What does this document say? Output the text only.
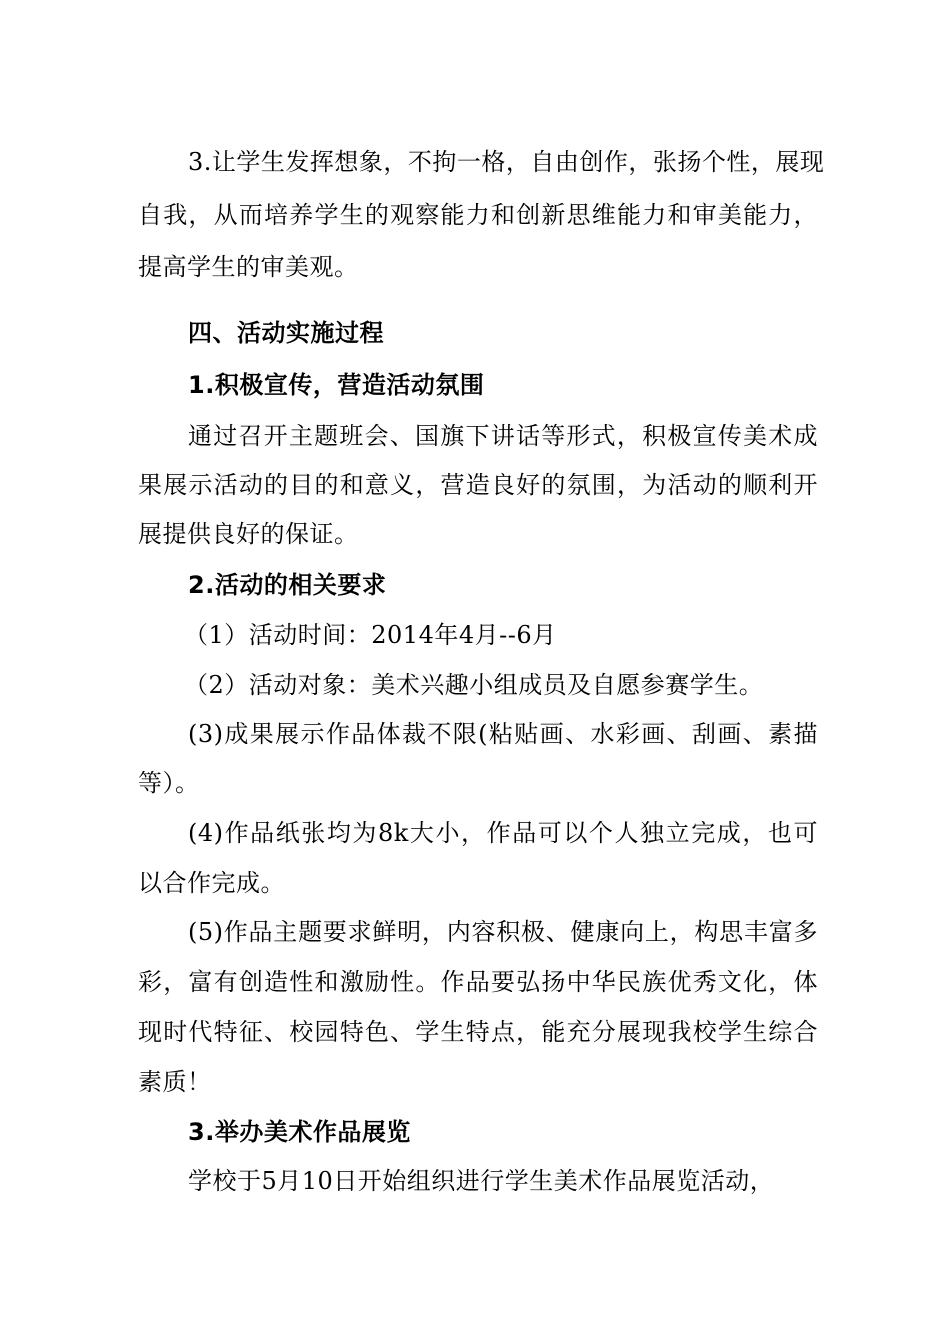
3.让学生发挥想象，不拘一格，自由创作，张扬个性，展现
自我，从而培养学生的观察能力和创新思维能力和审美能力，
提高学生的审美观。
四、活动实施过程
1.积极宣传，营造活动氛围
通过召开主题班会、国旗下讲话等形式，积极宣传美术成
果展示活动的目的和意义，营造良好的氛围，为活动的顺利开
展提供良好的保证。
2.活动的相关要求
（1）活动时间：2014年4月--6月
（2）活动对象：美术兴趣小组成员及自愿参赛学生。
(3)成果展示作品体裁不限(粘贴画、水彩画、刮画、素描
等）。
(4)作品纸张均为8k大小，作品可以个人独立完成，也可
以合作完成。
(5)作品主题要求鲜明，内容积极、健康向上，构思丰富多
彩，富有创造性和激励性。作品要弘扬中华民族优秀文化，体
现时代特征、校园特色、学生特点，能充分展现我校学生综合
素质！
3.举办美术作品展览
学校于5月10日开始组织进行学生美术作品展览活动，
